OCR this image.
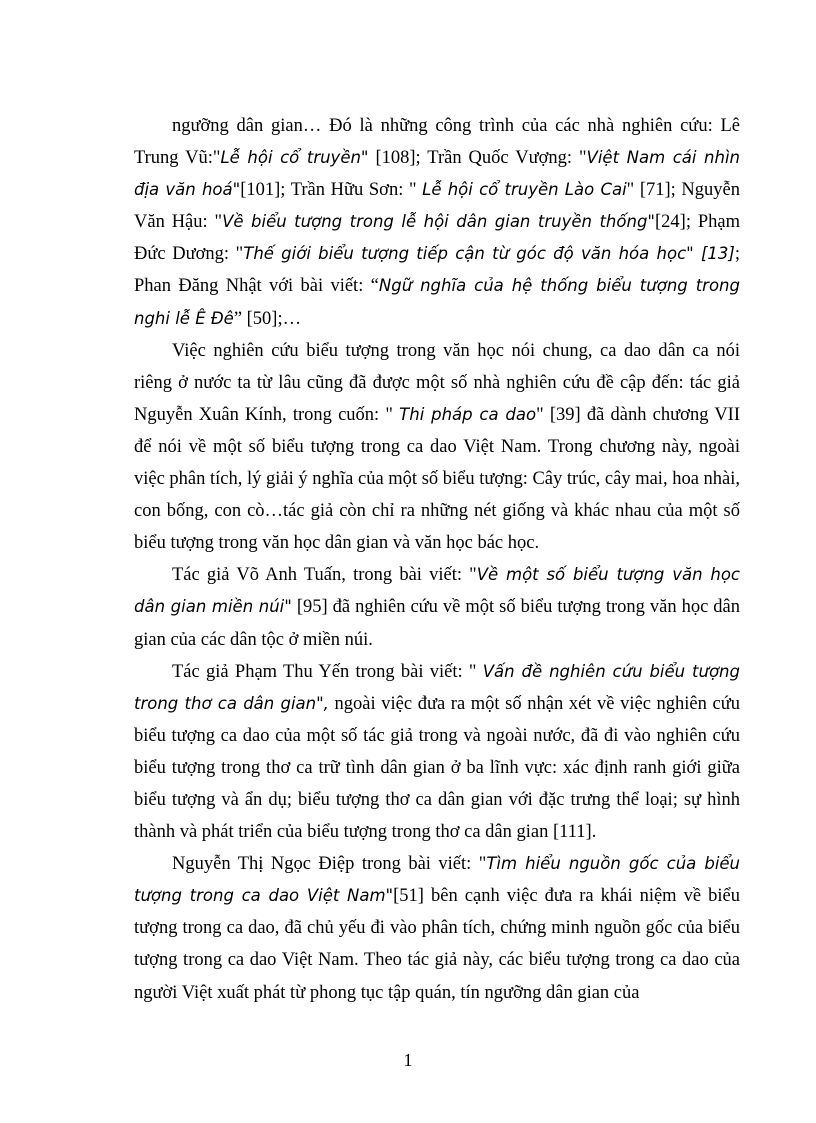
ngưỡng dân gian… Đó là những công trình của các nhà nghiên cứu: Lê Trung Vũ:"Lễ hội cổ truyền" [108]; Trần Quốc Vượng: "Việt Nam cái nhìn địa văn hoá"[101]; Trần Hữu Sơn: " Lễ hội cổ truyền Lào Cai" [71]; Nguyễn Văn Hậu: "Về biểu tượng trong lễ hội dân gian truyền thống"[24]; Phạm Đức Dương: "Thế giới biểu tượng tiếp cận từ góc độ văn hóa học" [13]; Phan Đăng Nhật với bài viết: “Ngữ nghĩa của hệ thống biểu tượng trong nghi lễ Ê Đê” [50];…

Việc nghiên cứu biểu tượng trong văn học nói chung, ca dao dân ca nói riêng ở nước ta từ lâu cũng đã được một số nhà nghiên cứu đề cập đến: tác giả Nguyễn Xuân Kính, trong cuốn: " Thi pháp ca dao" [39] đã dành chương VII để nói về một số biểu tượng trong ca dao Việt Nam. Trong chương này, ngoài việc phân tích, lý giải ý nghĩa của một số biểu tượng: Cây trúc, cây mai, hoa nhài, con bống, con cò…tác giả còn chỉ ra những nét giống và khác nhau của một số biểu tượng trong văn học dân gian và văn học bác học.

Tác giả Võ Anh Tuấn, trong bài viết: "Về một số biểu tượng văn học dân gian miền núi" [95] đã nghiên cứu về một số biểu tượng trong văn học dân gian của các dân tộc ở miền núi.

Tác giả Phạm Thu Yến trong bài viết: " Vấn đề nghiên cứu biểu tượng trong thơ ca dân gian", ngoài việc đưa ra một số nhận xét về việc nghiên cứu biểu tượng ca dao của một số tác giả trong và ngoài nước, đã đi vào nghiên cứu biểu tượng trong thơ ca trữ tình dân gian ở ba lĩnh vực: xác định ranh giới giữa biểu tượng và ẩn dụ; biểu tượng thơ ca dân gian với đặc trưng thể loại; sự hình thành và phát triển của biểu tượng trong thơ ca dân gian [111].

Nguyễn Thị Ngọc Điệp trong bài viết: "Tìm hiểu nguồn gốc của biểu tượng trong ca dao Việt Nam"[51] bên cạnh việc đưa ra khái niệm về biểu tượng trong ca dao, đã chủ yếu đi vào phân tích, chứng minh nguồn gốc của biểu tượng trong ca dao Việt Nam. Theo tác giả này, các biểu tượng trong ca dao của người Việt xuất phát từ phong tục tập quán, tín ngưỡng dân gian của

1
